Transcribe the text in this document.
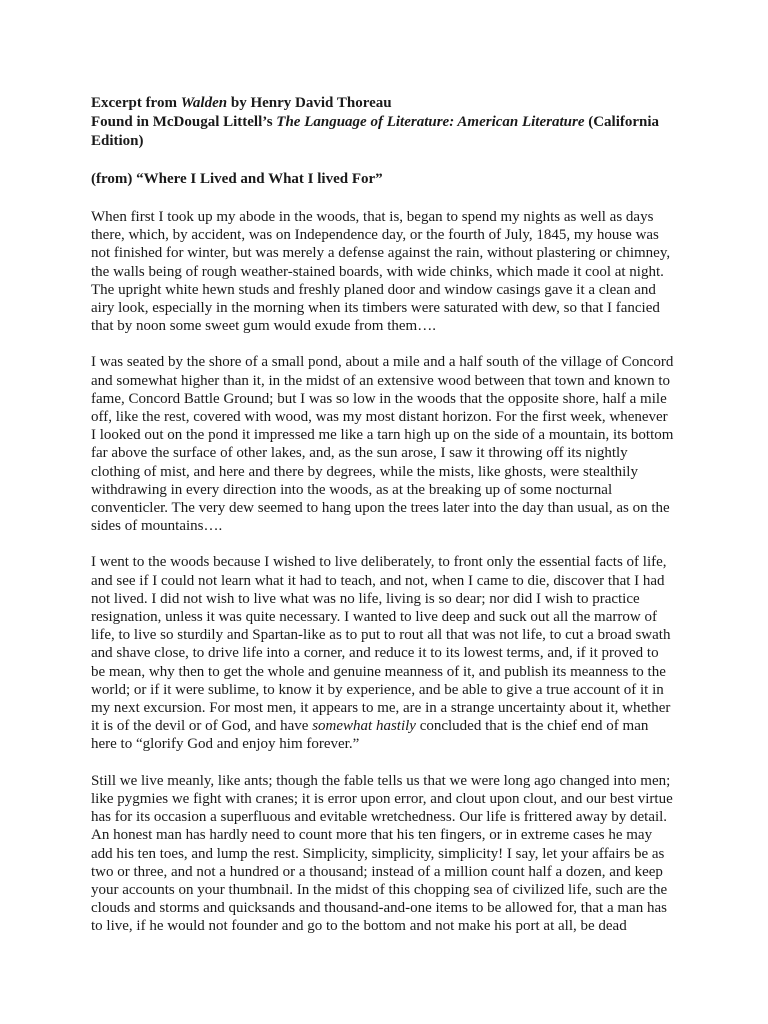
Excerpt from Walden by Henry David Thoreau
Found in McDougal Littell’s The Language of Literature: American Literature (California
Edition)

(from) “Where I Lived and What I lived For”

When first I took up my abode in the woods, that is, began to spend my nights as well as days
there, which, by accident, was on Independence day, or the fourth of July, 1845, my house was
not finished for winter, but was merely a defense against the rain, without plastering or chimney,
the walls being of rough weather-stained boards, with wide chinks, which made it cool at night.
The upright white hewn studs and freshly planed door and window casings gave it a clean and
airy look, especially in the morning when its timbers were saturated with dew, so that I fancied
that by noon some sweet gum would exude from them….

I was seated by the shore of a small pond, about a mile and a half south of the village of Concord
and somewhat higher than it, in the midst of an extensive wood between that town and known to
fame, Concord Battle Ground; but I was so low in the woods that the opposite shore, half a mile
off, like the rest, covered with wood, was my most distant horizon. For the first week, whenever
I looked out on the pond it impressed me like a tarn high up on the side of a mountain, its bottom
far above the surface of other lakes, and, as the sun arose, I saw it throwing off its nightly
clothing of mist, and here and there by degrees, while the mists, like ghosts, were stealthily
withdrawing in every direction into the woods, as at the breaking up of some nocturnal
conventicler. The very dew seemed to hang upon the trees later into the day than usual, as on the
sides of mountains….

I went to the woods because I wished to live deliberately, to front only the essential facts of life,
and see if I could not learn what it had to teach, and not, when I came to die, discover that I had
not lived. I did not wish to live what was no life, living is so dear; nor did I wish to practice
resignation, unless it was quite necessary. I wanted to live deep and suck out all the marrow of
life, to live so sturdily and Spartan-like as to put to rout all that was not life, to cut a broad swath
and shave close, to drive life into a corner, and reduce it to its lowest terms, and, if it proved to
be mean, why then to get the whole and genuine meanness of it, and publish its meanness to the
world; or if it were sublime, to know it by experience, and be able to give a true account of it in
my next excursion. For most men, it appears to me, are in a strange uncertainty about it, whether
it is of the devil or of God, and have somewhat hastily concluded that is the chief end of man
here to “glorify God and enjoy him forever.”

Still we live meanly, like ants; though the fable tells us that we were long ago changed into men;
like pygmies we fight with cranes; it is error upon error, and clout upon clout, and our best virtue
has for its occasion a superfluous and evitable wretchedness. Our life is frittered away by detail.
An honest man has hardly need to count more that his ten fingers, or in extreme cases he may
add his ten toes, and lump the rest. Simplicity, simplicity, simplicity! I say, let your affairs be as
two or three, and not a hundred or a thousand; instead of a million count half a dozen, and keep
your accounts on your thumbnail. In the midst of this chopping sea of civilized life, such are the
clouds and storms and quicksands and thousand-and-one items to be allowed for, that a man has
to live, if he would not founder and go to the bottom and not make his port at all, be dead
